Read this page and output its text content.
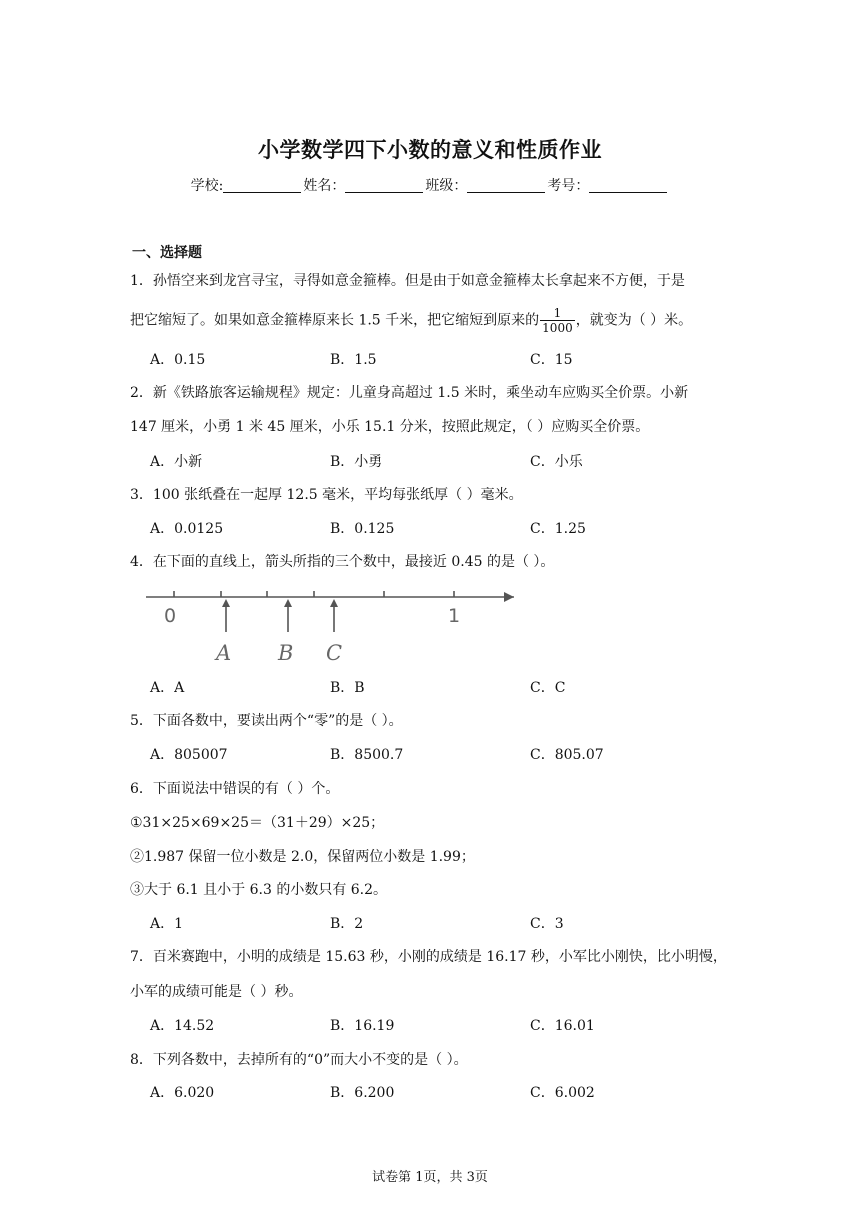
小学数学四下小数的意义和性质作业
学校:	姓名：	班级：	考号：
一、选择题
1．孙悟空来到龙宫寻宝，寻得如意金箍棒。但是由于如意金箍棒太长拿起来不方便，于是
把它缩短了。如果如意金箍棒原来长 1.5 千米，把它缩短到原来的 $\frac{1}{1000}$ ，就变为（ ）米。
A．0.15	B．1.5	C．15
2．新《铁路旅客运输规程》规定：儿童身高超过 1.5 米时，乘坐动车应购买全价票。小新
147 厘米，小勇 1 米 45 厘米，小乐 15.1 分米，按照此规定，（ ）应购买全价票。
A．小新	B．小勇	C．小乐
3．100 张纸叠在一起厚 12.5 毫米，平均每张纸厚（ ）毫米。
A．0.0125	B．0.125	C．1.25
4．在下面的直线上，箭头所指的三个数中，最接近 0.45 的是（ ）。
0	1
A B C
A．A	B．B	C．C
5．下面各数中，要读出两个“零”的是（ ）。
A．805007	B．8500.7	C．805.07
6．下面说法中错误的有（ ）个。
①31×25×69×25＝（31＋29）×25；
②1.987 保留一位小数是 2.0，保留两位小数是 1.99；
③大于 6.1 且小于 6.3 的小数只有 6.2。
A．1	B．2	C．3
7．百米赛跑中，小明的成绩是 15.63 秒，小刚的成绩是 16.17 秒，小军比小刚快，比小明慢，
小军的成绩可能是（ ）秒。
A．14.52	B．16.19	C．16.01
8．下列各数中，去掉所有的“0”而大小不变的是（ ）。
A．6.020	B．6.200	C．6.002
试卷第 1页，共 3页
